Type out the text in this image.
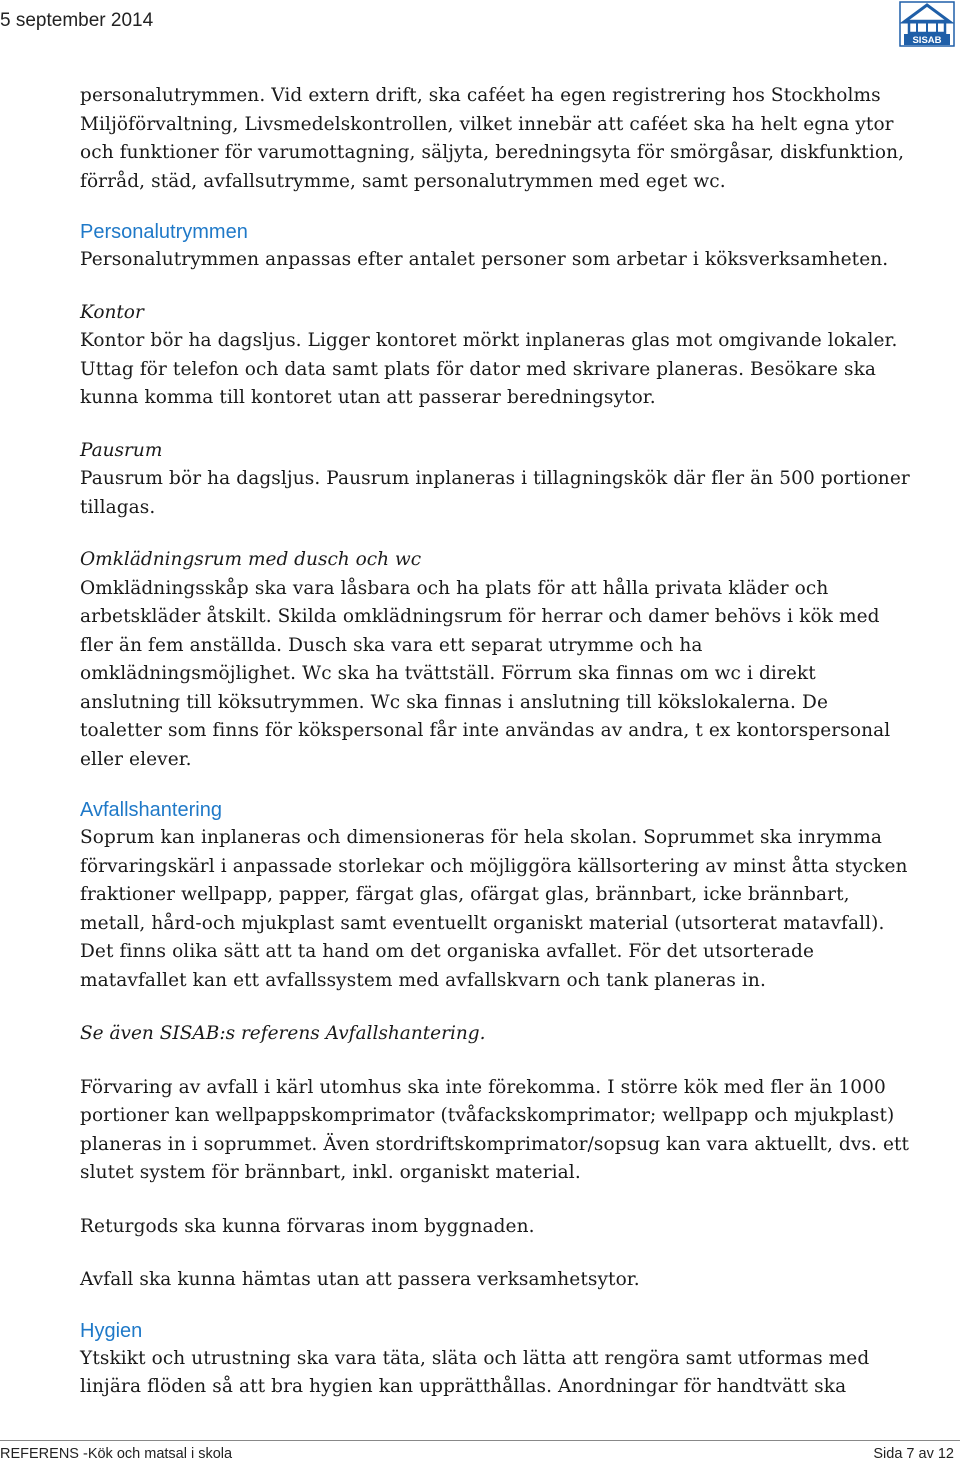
5 september 2014
SISAB

personalutrymmen. Vid extern drift, ska caféet ha egen registrering hos Stockholms Miljöförvaltning, Livsmedelskontrollen, vilket innebär att caféet ska ha helt egna ytor och funktioner för varumottagning, säljyta, beredningsyta för smörgåsar, diskfunktion, förråd, städ, avfallsutrymme, samt personalutrymmen med eget wc.

Personalutrymmen

Personalutrymmen anpassas efter antalet personer som arbetar i köksverksamheten.

Kontor

Kontor bör ha dagsljus. Ligger kontoret mörkt inplaneras glas mot omgivande lokaler. Uttag för telefon och data samt plats för dator med skrivare planeras. Besökare ska kunna komma till kontoret utan att passerar beredningsytor.

Pausrum

Pausrum bör ha dagsljus. Pausrum inplaneras i tillagningskök där fler än 500 portioner tillagas.

Omklädningsrum med dusch och wc

Omklädningsskåp ska vara låsbara och ha plats för att hålla privata kläder och arbetskläder åtskilt. Skilda omklädningsrum för herrar och damer behövs i kök med fler än fem anställda. Dusch ska vara ett separat utrymme och ha omklädningsmöjlighet. Wc ska ha tvättställ. Förrum ska finnas om wc i direkt anslutning till köksutrymmen. Wc ska finnas i anslutning till kökslokalerna. De toaletter som finns för kökspersonal får inte användas av andra, t ex kontorspersonal eller elever.

Avfallshantering

Soprum kan inplaneras och dimensioneras för hela skolan. Soprummet ska inrymma förvaringskärl i anpassade storlekar och möjliggöra källsortering av minst åtta stycken fraktioner wellpapp, papper, färgat glas, ofärgat glas, brännbart, icke brännbart, metall, hård-och mjukplast samt eventuellt organiskt material (utsorterat matavfall). Det finns olika sätt att ta hand om det organiska avfallet. För det utsorterade matavfallet kan ett avfallssystem med avfallskvarn och tank planeras in.

Se även SISAB:s referens Avfallshantering.

Förvaring av avfall i kärl utomhus ska inte förekomma. I större kök med fler än 1000 portioner kan wellpappskomprimator (tvåfackskomprimator; wellpapp och mjukplast) planeras in i soprummet. Även stordriftskomprimator/sopsug kan vara aktuellt, dvs. ett slutet system för brännbart, inkl. organiskt material.

Returgods ska kunna förvaras inom byggnaden.

Avfall ska kunna hämtas utan att passera verksamhetsytor.

Hygien

Ytskikt och utrustning ska vara täta, släta och lätta att rengöra samt utformas med linjära flöden så att bra hygien kan upprätthållas. Anordningar för handtvätt ska

REFERENS -Kök och matsal i skola	Sida 7 av 12
